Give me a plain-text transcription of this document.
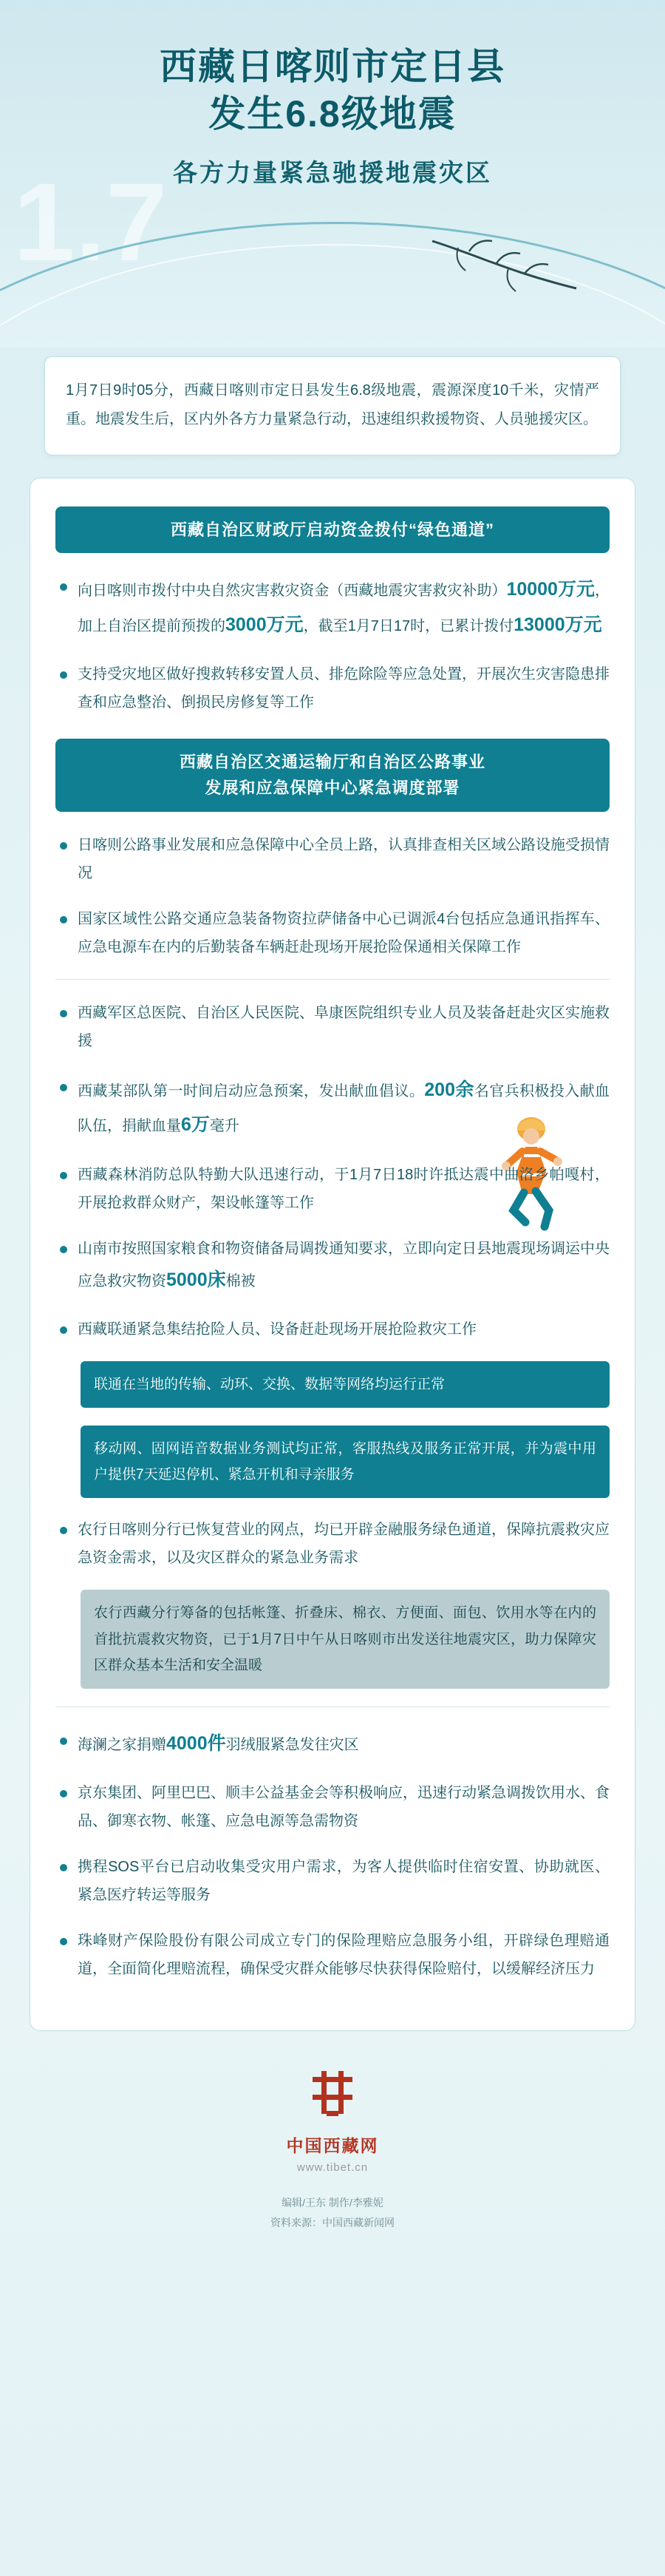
1.7
西藏日喀则市定日县
发生6.8级地震
各方力量紧急驰援地震灾区

1月7日9时05分，西藏日喀则市定日县发生6.8级地震，震源深度10千米，灾情严重。地震发生后，区内外各方力量紧急行动，迅速组织救援物资、人员驰援灾区。

西藏自治区财政厅启动资金拨付“绿色通道”
向日喀则市拨付中央自然灾害救灾资金（西藏地震灾害救灾补助）10000万元，加上自治区提前预拨的3000万元，截至1月7日17时，已累计拨付13000万元
支持受灾地区做好搜救转移安置人员、排危除险等应急处置，开展次生灾害隐患排查和应急整治、倒损民房修复等工作
西藏自治区交通运输厅和自治区公路事业
发展和应急保障中心紧急调度部署
日喀则公路事业发展和应急保障中心全员上路，认真排查相关区域公路设施受损情况
国家区域性公路交通应急装备物资拉萨储备中心已调派4台包括应急通讯指挥车、应急电源车在内的后勤装备车辆赶赴现场开展抢险保通相关保障工作
西藏军区总医院、自治区人民医院、阜康医院组织专业人员及装备赶赴灾区实施救援
西藏某部队第一时间启动应急预案，发出献血倡议。200余名官兵积极投入献血队伍，捐献血量6万毫升
西藏森林消防总队特勤大队迅速行动，于1月7日18时许抵达震中曲洛乡帕嘎村，开展抢救群众财产，架设帐篷等工作
山南市按照国家粮食和物资储备局调拨通知要求，立即向定日县地震现场调运中央应急救灾物资5000床棉被
西藏联通紧急集结抢险人员、设备赶赴现场开展抢险救灾工作
联通在当地的传输、动环、交换、数据等网络均运行正常
移动网、固网语音数据业务测试均正常，客服热线及服务正常开展，并为震中用户提供7天延迟停机、紧急开机和寻亲服务
农行日喀则分行已恢复营业的网点，均已开辟金融服务绿色通道，保障抗震救灾应急资金需求，以及灾区群众的紧急业务需求
农行西藏分行筹备的包括帐篷、折叠床、棉衣、方便面、面包、饮用水等在内的首批抗震救灾物资，已于1月7日中午从日喀则市出发送往地震灾区，助力保障灾区群众基本生活和安全温暖
海澜之家捐赠4000件羽绒服紧急发往灾区
京东集团、阿里巴巴、顺丰公益基金会等积极响应，迅速行动紧急调拨饮用水、食品、御寒衣物、帐篷、应急电源等急需物资
携程SOS平台已启动收集受灾用户需求，为客人提供临时住宿安置、协助就医、紧急医疗转运等服务
珠峰财产保险股份有限公司成立专门的保险理赔应急服务小组，开辟绿色理赔通道，全面简化理赔流程，确保受灾群众能够尽快获得保险赔付，以缓解经济压力
中国西藏网
www.tibet.cn
编辑/王东 制作/李雅妮
资料来源：中国西藏新闻网
